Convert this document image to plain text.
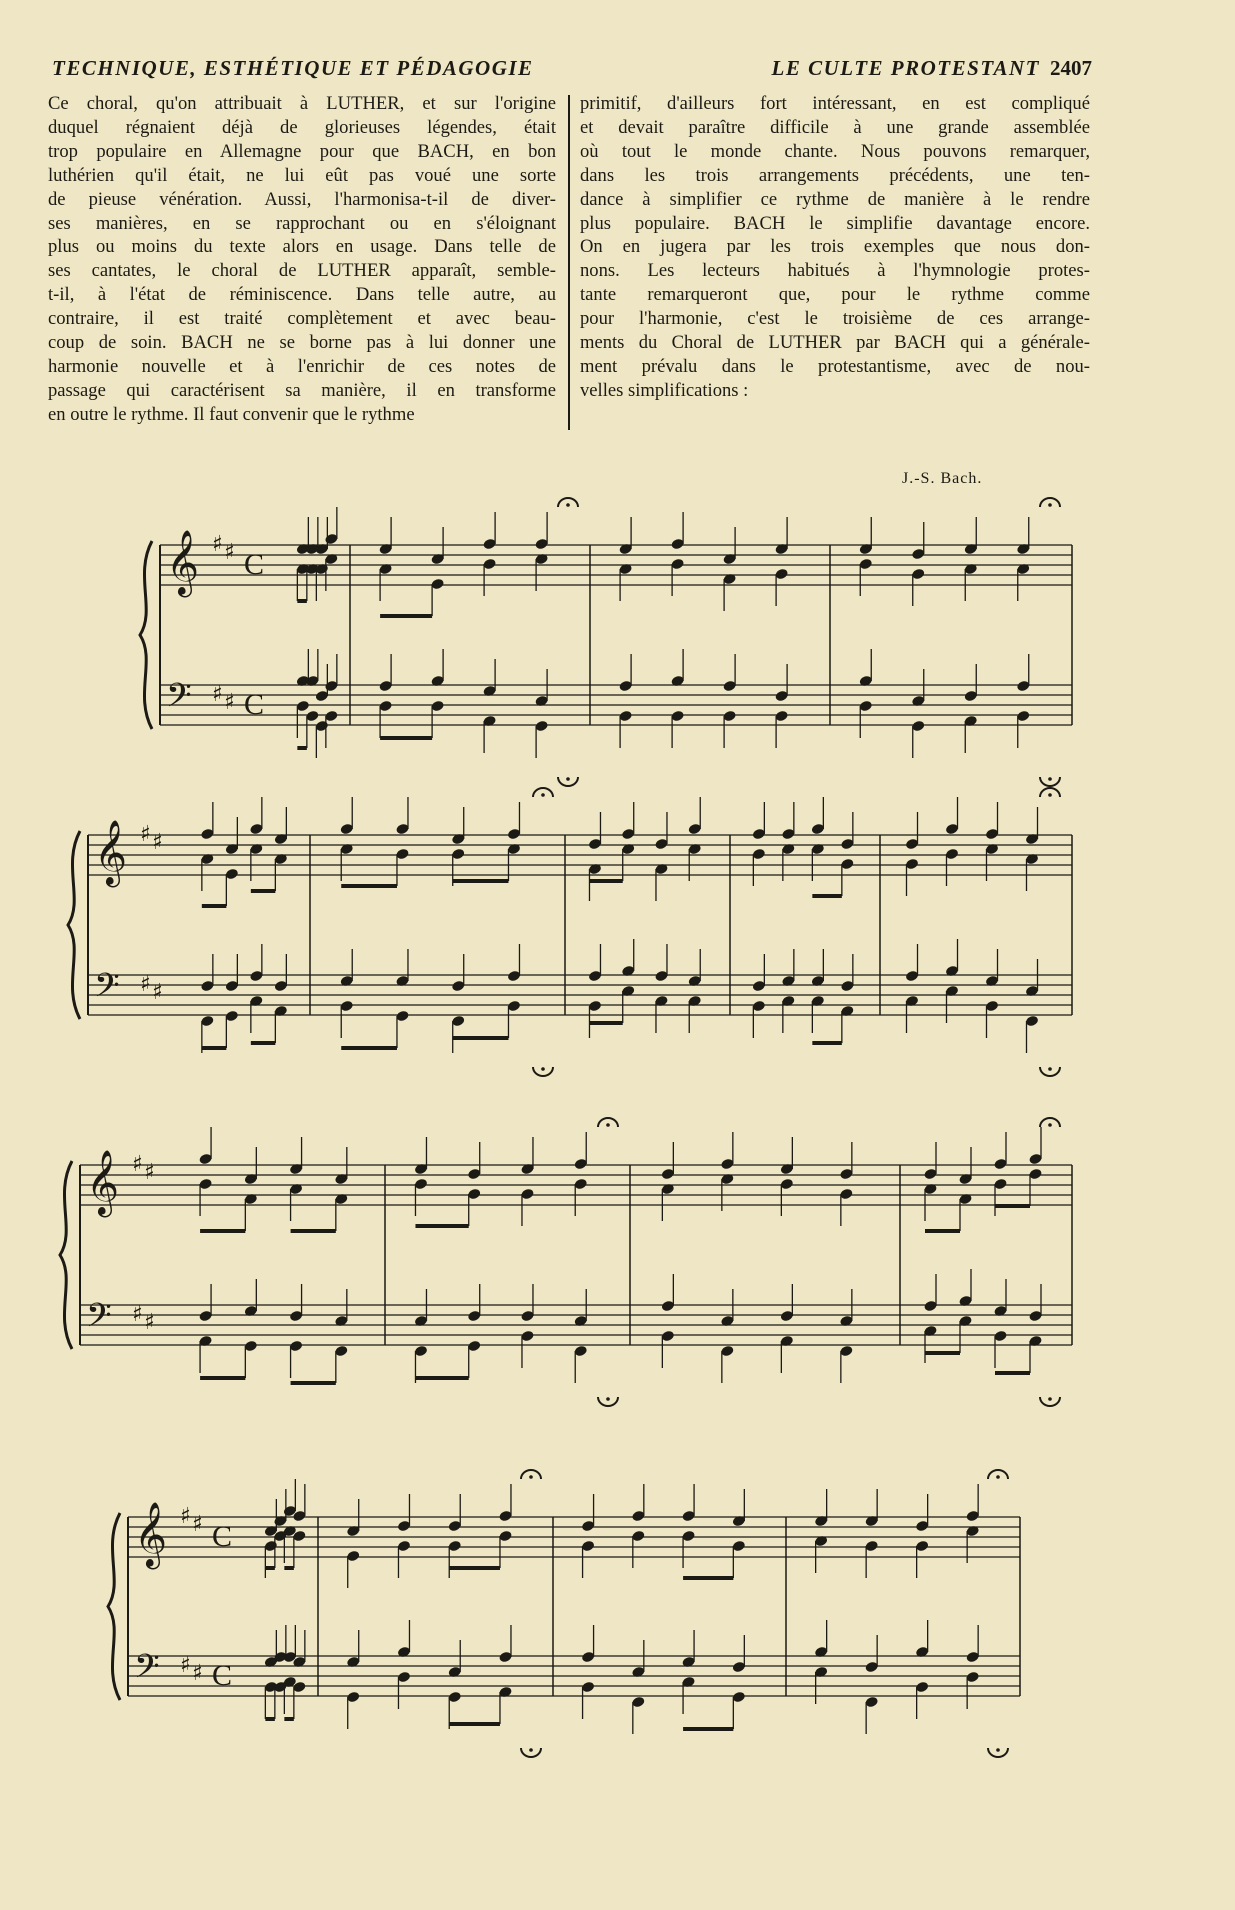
TECHNIQUE, ESTHÉTIQUE ET PÉDAGOGIE	LE CULTE PROTESTANT 2407
Ce choral, qu'on attribuait à LUTHER, et sur l'origine
duquel régnaient déjà de glorieuses légendes, était
trop populaire en Allemagne pour que BACH, en bon
luthérien qu'il était, ne lui eût pas voué une sorte
de pieuse vénération. Aussi, l'harmonisa-t-il de diver-
ses manières, en se rapprochant ou en s'éloignant
plus ou moins du texte alors en usage. Dans telle de
ses cantates, le choral de LUTHER apparaît, semble-
t-il, à l'état de réminiscence. Dans telle autre, au
contraire, il est traité complètement et avec beau-
coup de soin. BACH ne se borne pas à lui donner une
harmonie nouvelle et à l'enrichir de ces notes de
passage qui caractérisent sa manière, il en transforme
en outre le rythme. Il faut convenir que le rythme
primitif, d'ailleurs fort intéressant, en est compliqué
et devait paraître difficile à une grande assemblée
où tout le monde chante. Nous pouvons remarquer,
dans les trois arrangements précédents, une ten-
dance à simplifier ce rythme de manière à le rendre
plus populaire. BACH le simplifie davantage encore.
On en jugera par les trois exemples que nous don-
nons. Les lecteurs habitués à l'hymnologie protes-
tante remarqueront que, pour le rythme comme
pour l'harmonie, c'est le troisième de ces arrange-
ments du Choral de LUTHER par BACH qui a générale-
ment prévalu dans le protestantisme, avec de nou-
velles simplifications :
J.-S. Bach.
𝄞
𝄢
♯ ♯
♯ ♯
C
C
𝄞
𝄢
♯ ♯
♯ ♯
𝄞
𝄢
♯ ♯
♯ ♯
𝄞
𝄢
♯ ♯
♯ ♯
C
C
